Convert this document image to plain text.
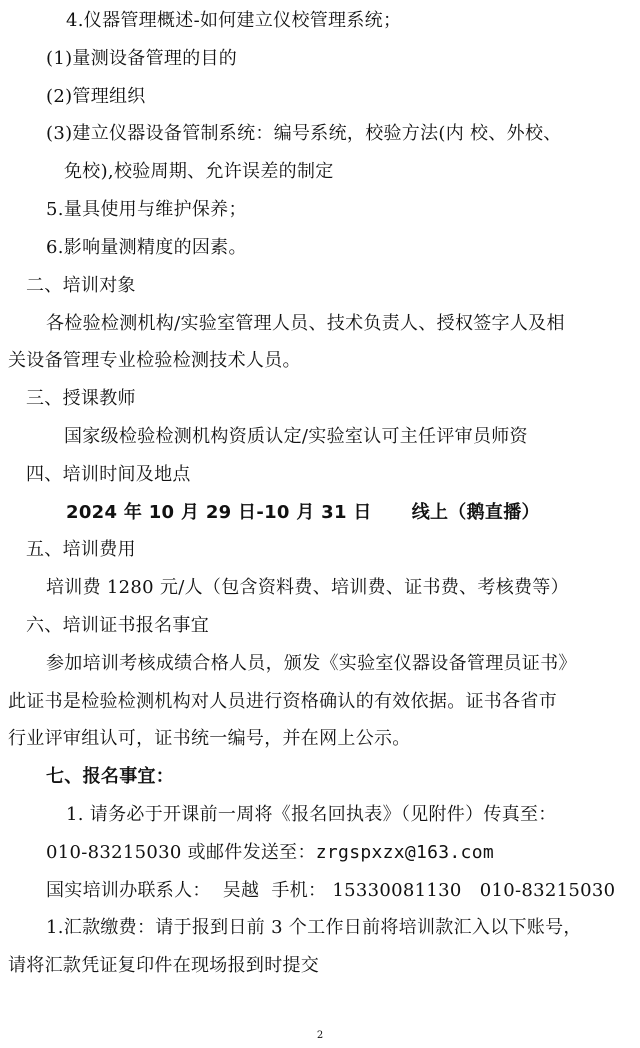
4.仪器管理概述-如何建立仪校管理系统；
(1)量测设备管理的目的
(2)管理组织
(3)建立仪器设备管制系统：编号系统，校验方法(内 校、外校、
免校),校验周期、允许误差的制定
5.量具使用与维护保养；
6.影响量测精度的因素。
二、培训对象
各检验检测机构/实验室管理人员、技术负责人、授权签字人及相
关设备管理专业检验检测技术人员。
三、授课教师
国家级检验检测机构资质认定/实验室认可主任评审员师资
四、培训时间及地点
2024 年 10 月 29 日-10 月 31 日 线上（鹅直播）
五、培训费用
培训费 1280 元/人（包含资料费、培训费、证书费、考核费等）
六、培训证书报名事宜
参加培训考核成绩合格人员，颁发《实验室仪器设备管理员证书》
此证书是检验检测机构对人员进行资格确认的有效依据。证书各省市
行业评审组认可，证书统一编号，并在网上公示。
七、报名事宜：
1. 请务必于开课前一周将《报名回执表》（见附件）传真至：
010-83215030 或邮件发送至：zrgspxzx@163.com
国实培训办联系人： 吴越 手机： 15330081130 010-83215030
1.汇款缴费：请于报到日前 3 个工作日前将培训款汇入以下账号，
请将汇款凭证复印件在现场报到时提交
2
